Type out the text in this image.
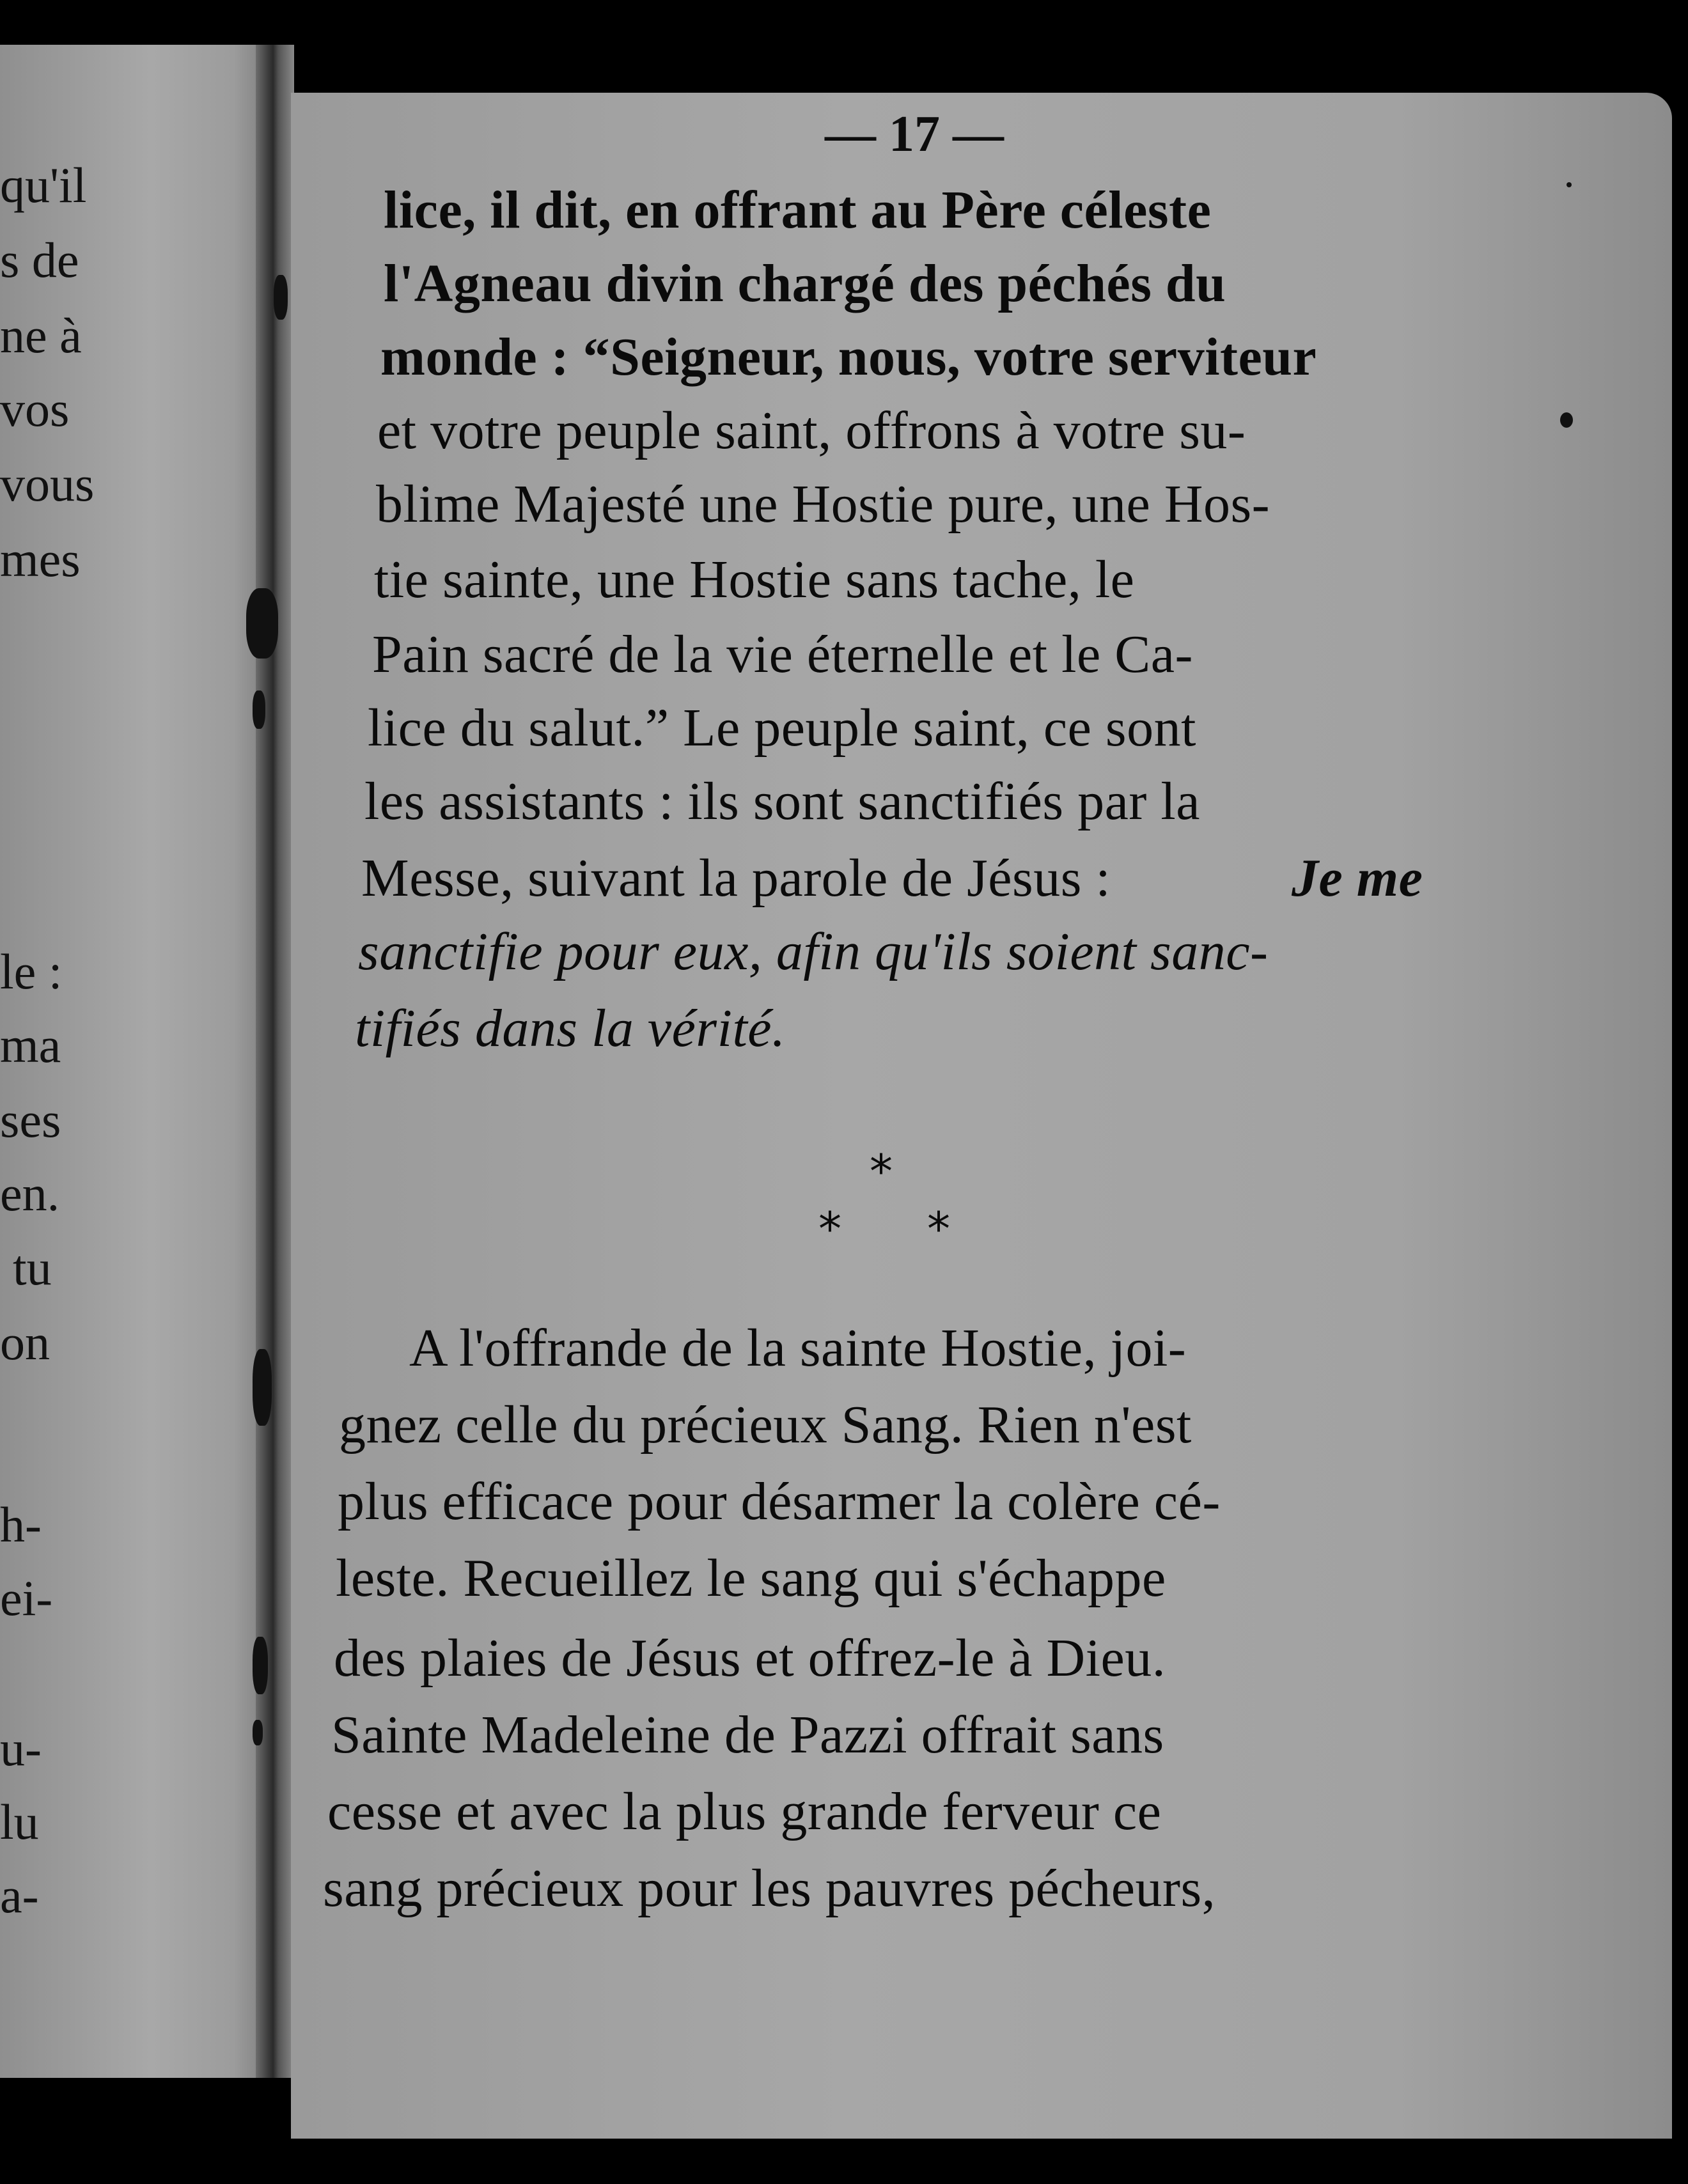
qu'il
s de
ne à
vos
vous
mes
le :
ma
ses
en.
tu
on
h-
ei-
u-
lu
a-
— 17 —
lice, il dit, en offrant au Père céleste
l'Agneau divin chargé des péchés du
monde : “Seigneur, nous, votre serviteur
et votre peuple saint, offrons à votre su-
blime Majesté une Hostie pure, une Hos-
tie sainte, une Hostie sans tache, le
Pain sacré de la vie éternelle et le Ca-
lice du salut.” Le peuple saint, ce sont
les assistants : ils sont sanctifiés par la
Messe, suivant la parole de Jésus :	Je me
sanctifie pour eux, afin qu'ils soient sanc-
tifiés dans la vérité.
*
* *
A l'offrande de la sainte Hostie, joi-
gnez celle du précieux Sang. Rien n'est
plus efficace pour désarmer la colère cé-
leste. Recueillez le sang qui s'échappe
des plaies de Jésus et offrez-le à Dieu.
Sainte Madeleine de Pazzi offrait sans
cesse et avec la plus grande ferveur ce
sang précieux pour les pauvres pécheurs,
